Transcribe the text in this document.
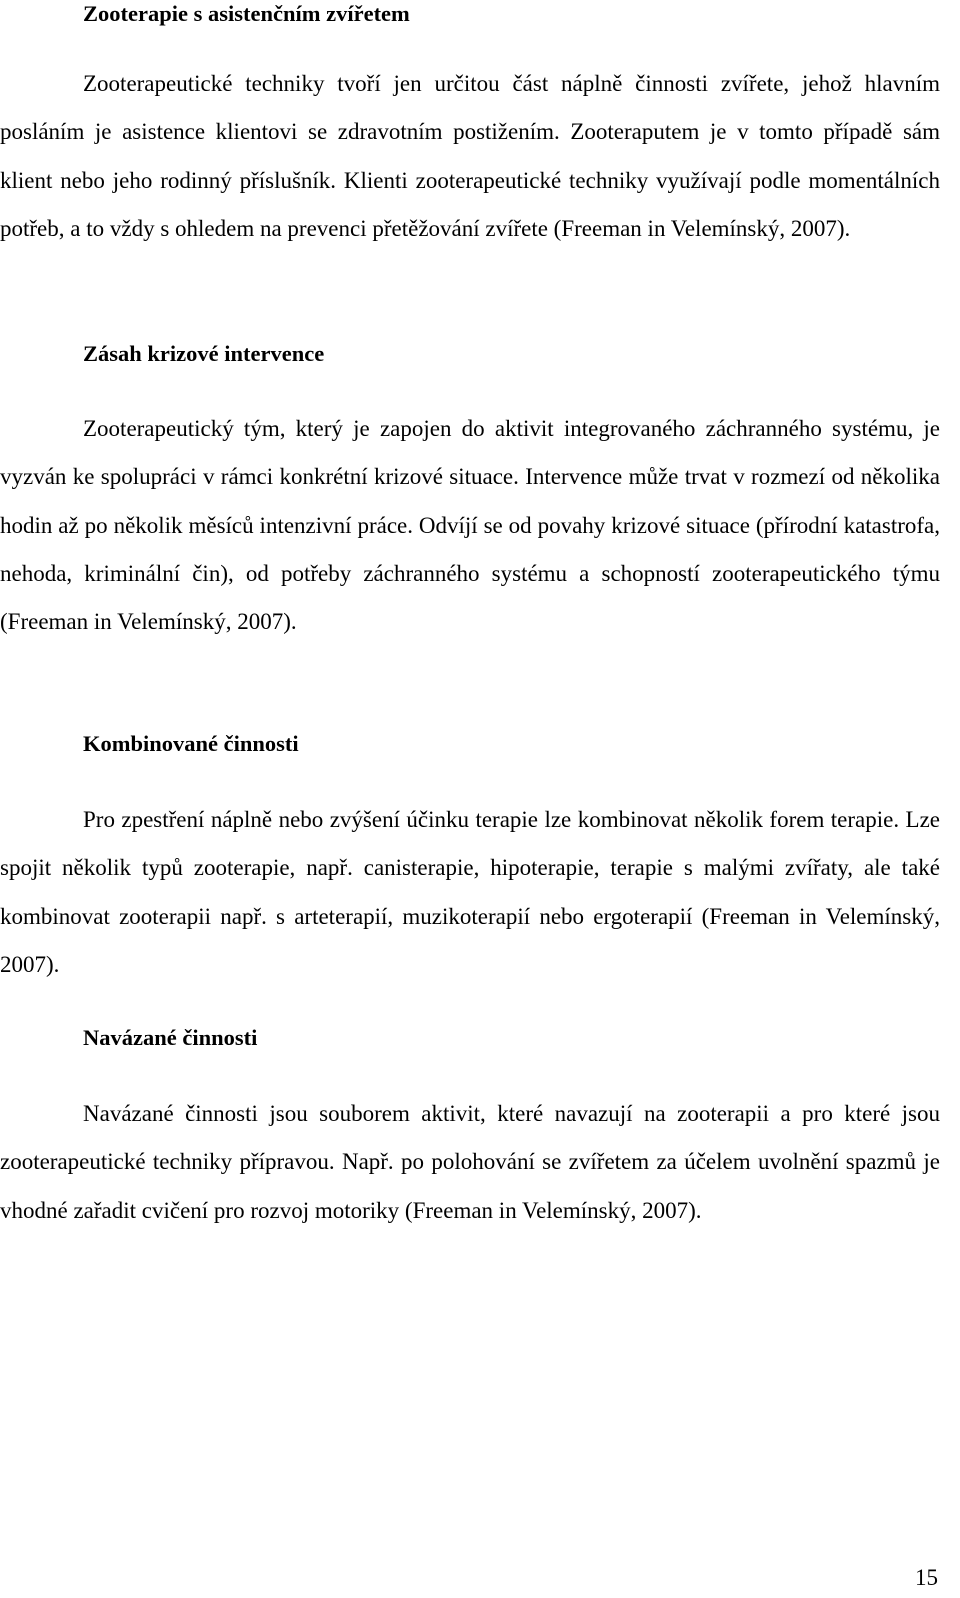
Zooterapie s asistenčním zvířetem

Zooterapeutické techniky tvoří jen určitou část náplně činnosti zvířete, jehož hlavním posláním je asistence klientovi se zdravotním postižením. Zooteraputem je v tomto případě sám klient nebo jeho rodinný příslušník. Klienti zooterapeutické techniky využívají podle momentálních potřeb, a to vždy s ohledem na prevenci přetěžování zvířete (Freeman in Velemínský, 2007).

Zásah krizové intervence

Zooterapeutický tým, který je zapojen do aktivit integrovaného záchranného systému, je vyzván ke spolupráci v rámci konkrétní krizové situace. Intervence může trvat v rozmezí od několika hodin až po několik měsíců intenzivní práce. Odvíjí se od povahy krizové situace (přírodní katastrofa, nehoda, kriminální čin), od potřeby záchranného systému a schopností zooterapeutického týmu (Freeman in Velemínský, 2007).

Kombinované činnosti

Pro zpestření náplně nebo zvýšení účinku terapie lze kombinovat několik forem terapie. Lze spojit několik typů zooterapie, např. canisterapie, hipoterapie, terapie s malými zvířaty, ale také kombinovat zooterapii např. s arteterapií, muzikoterapií nebo ergoterapií (Freeman in Velemínský, 2007).

Navázané činnosti

Navázané činnosti jsou souborem aktivit, které navazují na zooterapii a pro které jsou zooterapeutické techniky přípravou. Např. po polohování se zvířetem za účelem uvolnění spazmů je vhodné zařadit cvičení pro rozvoj motoriky (Freeman in Velemínský, 2007).

15
